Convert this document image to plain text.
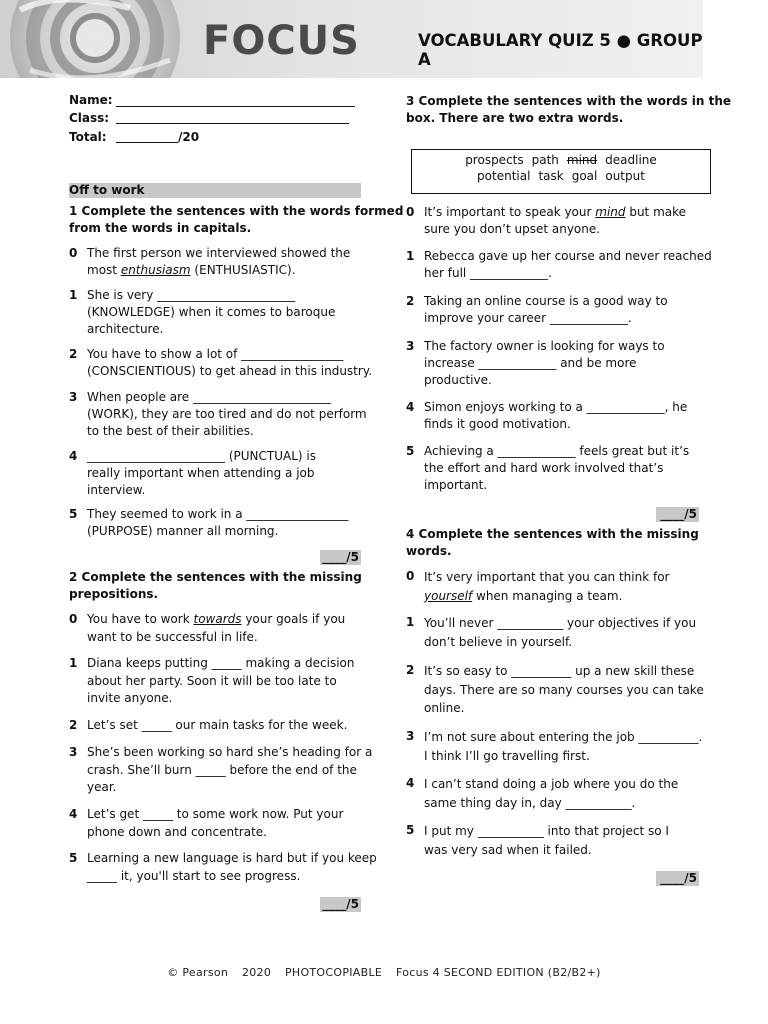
FOCUS	VOCABULARY QUIZ 5 ● GROUP A
Name:
Class:
Total:	/20
Off to work
1 Complete the sentences with the words formed
from the words in capitals.
0 The first person we interviewed showed the
most enthusiasm (ENTHUSIASTIC).
1 She is very _______________________
(KNOWLEDGE) when it comes to baroque
architecture.
2 You have to show a lot of _________________
(CONSCIENTIOUS) to get ahead in this industry.
3 When people are _______________________
(WORK), they are too tired and do not perform
to the best of their abilities.
4 _______________________ (PUNCTUAL) is
really important when attending a job
interview.
5 They seemed to work in a _________________
(PURPOSE) manner all morning.
____/5
2 Complete the sentences with the missing
prepositions.
0 You have to work towards your goals if you
want to be successful in life.
1 Diana keeps putting _____ making a decision
about her party. Soon it will be too late to
invite anyone.
2 Let’s set _____ our main tasks for the week.
3 She’s been working so hard she’s heading for a
crash. She’ll burn _____ before the end of the
year.
4 Let’s get _____ to some work now. Put your
phone down and concentrate.
5 Learning a new language is hard but if you keep
_____ it, you'll start to see progress.
____/5
3 Complete the sentences with the words in the
box. There are two extra words.
prospects path mind deadline
potential task goal output
0 It’s important to speak your mind but make
sure you don’t upset anyone.
1 Rebecca gave up her course and never reached
her full _____________.
2 Taking an online course is a good way to
improve your career _____________.
3 The factory owner is looking for ways to
increase _____________ and be more
productive.
4 Simon enjoys working to a _____________, he
finds it good motivation.
5 Achieving a _____________ feels great but it’s
the effort and hard work involved that’s
important.
____/5
4 Complete the sentences with the missing
words.
0 It’s very important that you can think for
yourself when managing a team.
1 You’ll never ___________ your objectives if you
don’t believe in yourself.
2 It’s so easy to __________ up a new skill these
days. There are so many courses you can take
online.
3 I’m not sure about entering the job __________.
I think I’ll go travelling first.
4 I can’t stand doing a job where you do the
same thing day in, day ___________.
5 I put my ___________ into that project so I
was very sad when it failed.
____/5
© Pearson 2020 PHOTOCOPIABLE Focus 4 SECOND EDITION (B2/B2+)
